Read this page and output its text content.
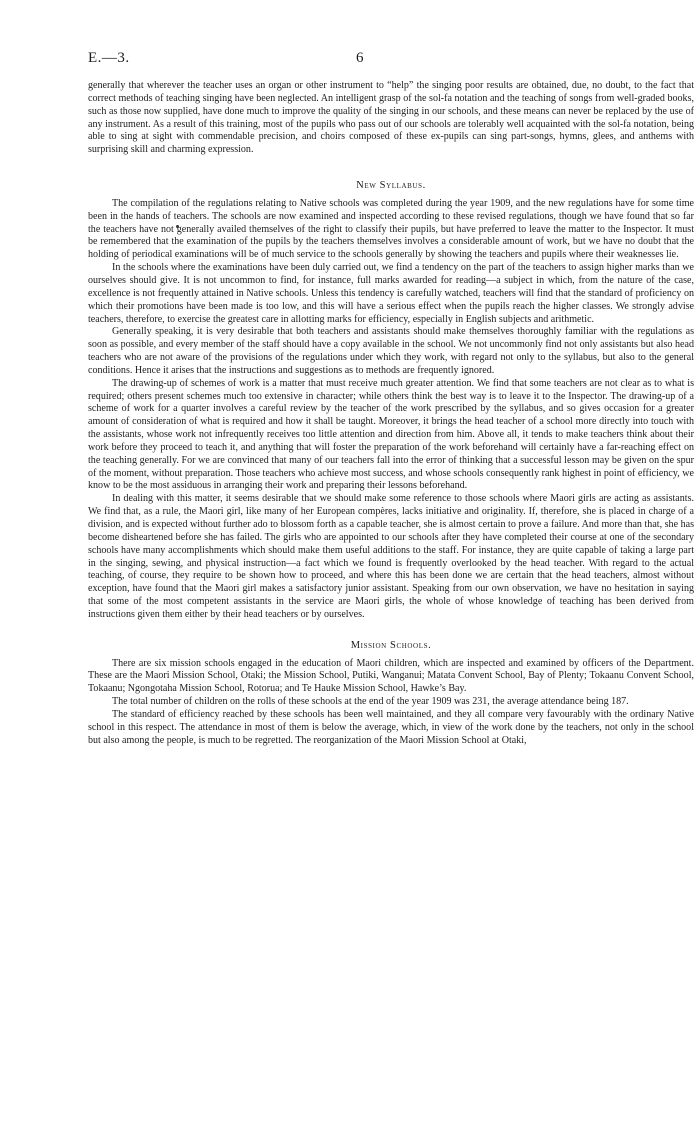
E.—3.	6

generally that wherever the teacher uses an organ or other instrument to “help” the singing poor results are obtained, due, no doubt, to the fact that correct methods of teaching singing have been neglected. An intelligent grasp of the sol-fa notation and the teaching of songs from well-graded books, such as those now supplied, have done much to improve the quality of the singing in our schools, and these means can never be replaced by the use of any instrument. As a result of this training, most of the pupils who pass out of our schools are tolerably well acquainted with the sol-fa notation, being able to sing at sight with commendable precision, and choirs composed of these ex-pupils can sing part-songs, hymns, glees, and anthems with surprising skill and charming expression.

New Syllabus.

The compilation of the regulations relating to Native schools was completed during the year 1909, and the new regulations have for some time been in the hands of teachers. The schools are now examined and inspected according to these revised regulations, though we have found that so far the teachers have not generally availed themselves of the right to classify their pupils, but have preferred to leave the matter to the Inspector. It must be remembered that the examination of the pupils by the teachers themselves involves a considerable amount of work, but we have no doubt that the holding of periodical examinations will be of much service to the schools generally by showing the teachers and pupils where their weaknesses lie.

In the schools where the examinations have been duly carried out, we find a tendency on the part of the teachers to assign higher marks than we ourselves should give. It is not uncommon to find, for instance, full marks awarded for reading—a subject in which, from the nature of the case, excellence is not frequently attained in Native schools. Unless this tendency is carefully watched, teachers will find that the standard of proficiency on which their promotions have been made is too low, and this will have a serious effect when the pupils reach the higher classes. We strongly advise teachers, therefore, to exercise the greatest care in allotting marks for efficiency, especially in English subjects and arithmetic.

Generally speaking, it is very desirable that both teachers and assistants should make themselves thoroughly familiar with the regulations as soon as possible, and every member of the staff should have a copy available in the school. We not uncommonly find not only assistants but also head teachers who are not aware of the provisions of the regulations under which they work, with regard not only to the syllabus, but also to the general conditions. Hence it arises that the instructions and suggestions as to methods are frequently ignored.

The drawing-up of schemes of work is a matter that must receive much greater attention. We find that some teachers are not clear as to what is required; others present schemes much too extensive in character; while others think the best way is to leave it to the Inspector. The drawing-up of a scheme of work for a quarter involves a careful review by the teacher of the work prescribed by the syllabus, and so gives occasion for a greater amount of consideration of what is required and how it shall be taught. Moreover, it brings the head teacher of a school more directly into touch with the assistants, whose work not infrequently receives too little attention and direction from him. Above all, it tends to make teachers think about their work before they proceed to teach it, and anything that will foster the preparation of the work beforehand will certainly have a far-reaching effect on the teaching generally. For we are convinced that many of our teachers fall into the error of thinking that a successful lesson may be given on the spur of the moment, without preparation. Those teachers who achieve most success, and whose schools consequently rank highest in point of efficiency, we know to be the most assiduous in arranging their work and preparing their lessons beforehand.

In dealing with this matter, it seems desirable that we should make some reference to those schools where Maori girls are acting as assistants. We find that, as a rule, the Maori girl, like many of her European compères, lacks initiative and originality. If, therefore, she is placed in charge of a division, and is expected without further ado to blossom forth as a capable teacher, she is almost certain to prove a failure. And more than that, she has become disheartened before she has failed. The girls who are appointed to our schools after they have completed their course at one of the secondary schools have many accomplishments which should make them useful additions to the staff. For instance, they are quite capable of taking a large part in the singing, sewing, and physical instruction—a fact which we found is frequently overlooked by the head teacher. With regard to the actual teaching, of course, they require to be shown how to proceed, and where this has been done we are certain that the head teachers, almost without exception, have found that the Maori girl makes a satisfactory junior assistant. Speaking from our own observation, we have no hesitation in saying that some of the most competent assistants in the service are Maori girls, the whole of whose knowledge of teaching has been derived from instructions given them either by their head teachers or by ourselves.

Mission Schools.

There are six mission schools engaged in the education of Maori children, which are inspected and examined by officers of the Department. These are the Maori Mission School, Otaki; the Mission School, Putiki, Wanganui; Matata Convent School, Bay of Plenty; Tokaanu Convent School, Tokaanu; Ngongotaha Mission School, Rotorua; and Te Hauke Mission School, Hawke’s Bay.

The total number of children on the rolls of these schools at the end of the year 1909 was 231, the average attendance being 187.

The standard of efficiency reached by these schools has been well maintained, and they all compare very favourably with the ordinary Native school in this respect. The attendance in most of them is below the average, which, in view of the work done by the teachers, not only in the school but also among the people, is much to be regretted. The reorganization of the Maori Mission School at Otaki,
